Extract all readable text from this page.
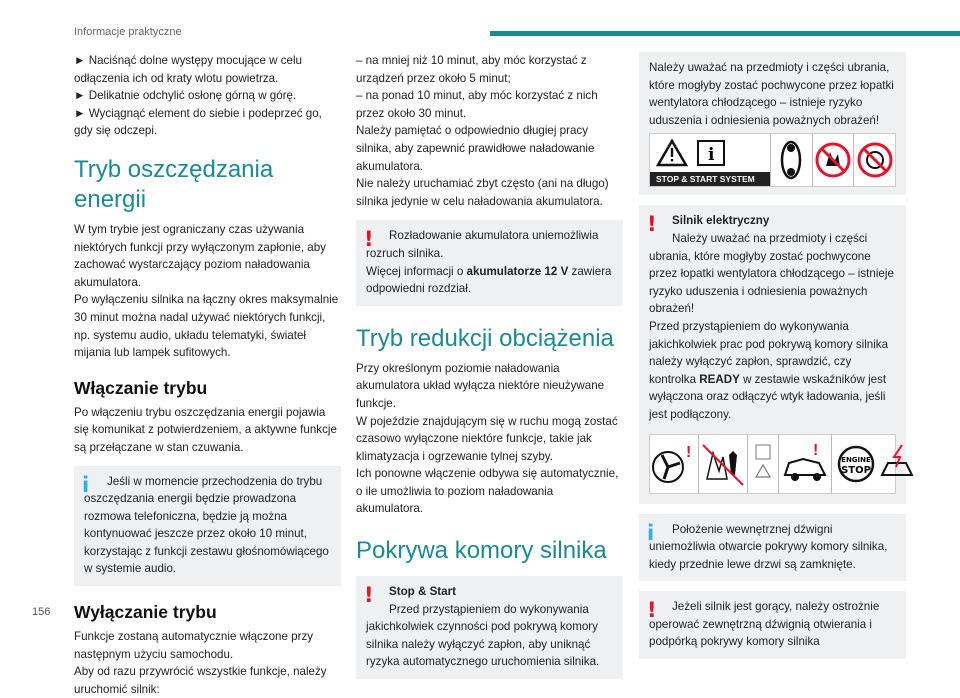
Informacje praktyczne

► Naciśnąć dolne występy mocujące w celu odłączenia ich od kraty wlotu powietrza.
► Delikatnie odchylić osłonę górną w górę.
► Wyciągnąć element do siebie i podeprzeć go, gdy się odczepi.

Tryb oszczędzania energii

W tym trybie jest ograniczany czas używania niektórych funkcji przy wyłączonym zapłonie, aby zachować wystarczający poziom naładowania akumulatora.

Po wyłączeniu silnika na łączny okres maksymalnie 30 minut można nadal używać niektórych funkcji, np. systemu audio, układu telematyki, świateł mijania lub lampek sufitowych.

Włączanie trybu

Po włączeniu trybu oszczędzania energii pojawia się komunikat z potwierdzeniem, a aktywne funkcje są przełączane w stan czuwania.

i	Jeśli w momencie przechodzenia do trybu oszczędzania energii będzie prowadzona rozmowa telefoniczna, będzie ją można kontynuować jeszcze przez około 10 minut, korzystając z funkcji zestawu głośnomówiącego w systemie audio.

Wyłączanie trybu

Funkcje zostaną automatycznie włączone przy następnym użyciu samochodu.

Aby od razu przywrócić wszystkie funkcje, należy uruchomić silnik:

– na mniej niż 10 minut, aby móc korzystać z urządzeń przez około 5 minut;

– na ponad 10 minut, aby móc korzystać z nich przez około 30 minut.

Należy pamiętać o odpowiednio długiej pracy silnika, aby zapewnić prawidłowe naładowanie akumulatora.

Nie należy uruchamiać zbyt często (ani na długo) silnika jedynie w celu naładowania akumulatora.

!	Rozładowanie akumulatora uniemożliwia rozruch silnika.

Więcej informacji o akumulatorze 12 V zawiera odpowiedni rozdział.

Tryb redukcji obciążenia

Przy określonym poziomie naładowania akumulatora układ wyłącza niektóre nieużywane funkcje.

W pojeździe znajdującym się w ruchu mogą zostać czasowo wyłączone niektóre funkcje, takie jak klimatyzacja i ogrzewanie tylnej szyby.

Ich ponowne włączenie odbywa się automatycznie, o ile umożliwia to poziom naładowania akumulatora.

Pokrywa komory silnika
!	Stop & Start

Przed przystąpieniem do wykonywania jakichkolwiek czynności pod pokrywą komory silnika należy wyłączyć zapłon, aby uniknąć ryzyka automatycznego uruchomienia silnika.

Należy uważać na przedmioty i części ubrania, które mogłyby zostać pochwycone przez łopatki wentylatora chłodzącego – istnieje ryzyko uduszenia i odniesienia poważnych obrażeń!

i
STOP & START SYSTEM
!	Silnik elektryczny

Należy uważać na przedmioty i części ubrania, które mogłyby zostać pochwycone przez łopatki wentylatora chłodzącego – istnieje ryzyko uduszenia i odniesienia poważnych obrażeń!

Przed przystąpieniem do wykonywania jakichkolwiek prac pod pokrywą komory silnika należy wyłączyć zapłon, sprawdzić, czy kontrolka READY w zestawie wskaźników jest wyłączona oraz odłączyć wtyk ładowania, jeśli jest podłączony.

!	!
ENGINE
STOP
i	Położenie wewnętrznej dźwigni uniemożliwia otwarcie pokrywy komory silnika, kiedy przednie lewe drzwi są zamknięte.

!	Jeżeli silnik jest gorący, należy ostrożnie operować zewnętrzną dźwignią otwierania i podpórką pokrywy komory silnika

156
